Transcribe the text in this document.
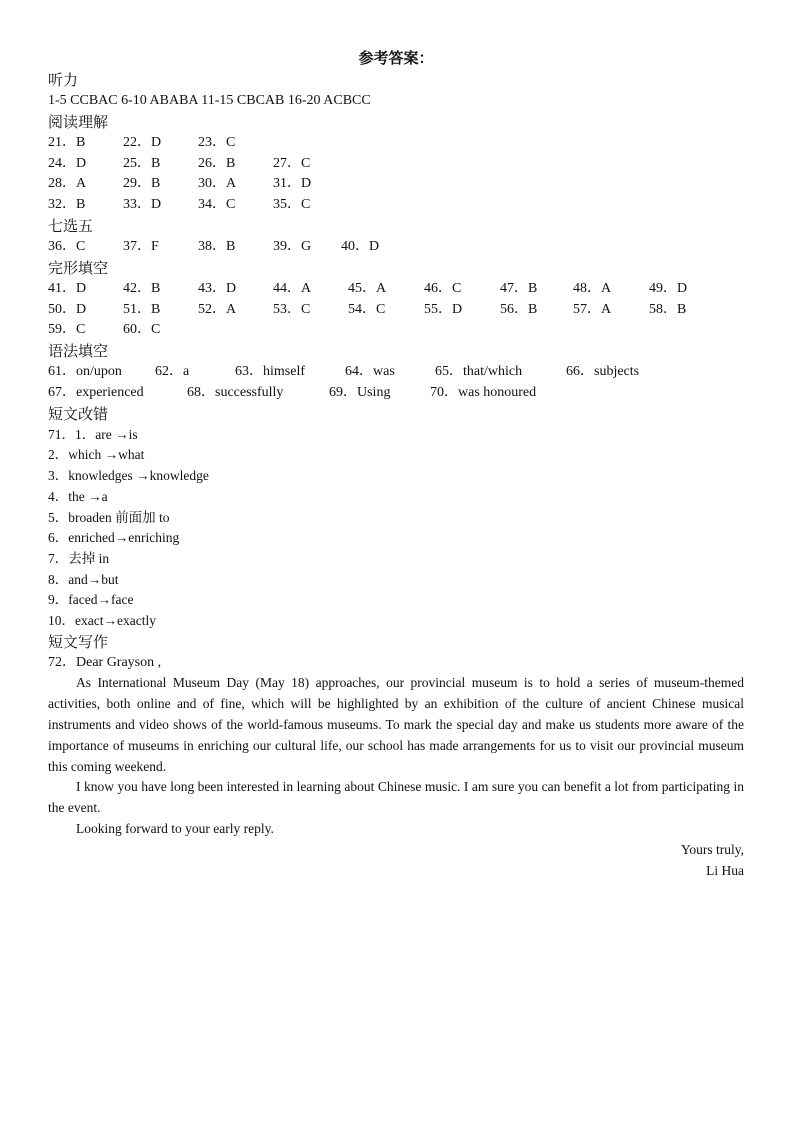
参考答案：
听力
1-5 CCBAC 6-10 ABABA 11-15 CBCAB 16-20 ACBCC
阅读理解
21．B	22．D	23．C
24．D	25．B	26．B	27．C
28．A	29．B	30．A	31．D
32．B	33．D	34．C	35．C
七选五
36．C	37．F	38．B	39．G 40．D
完形填空
41．D	42．B	43．D	44．A	45．A	46．C	47．B	48．A	49．D
50．D	51．B	52．A	53．C	54．C	55．D	56．B	57．A	58．B
59．C	60．C
语法填空
61．on/upon 62．a	63．himself	64．was	65．that/which	66．subjects
67．experienced	68．successfully	69．Using	70．was honoured
短文改错
71．1．are →is
2．which →what
3．knowledges →knowledge
4．the →a
5．broaden 前面加 to
6．enriched→enriching
7．去掉 in
8．and→but
9．faced→face
10．exact→exactly
短文写作
72．Dear Grayson ,
As International Museum Day (May 18) approaches, our provincial museum is to hold a series of museum-themed activities, both online and of fine, which will be highlighted by an exhibition of the culture of ancient Chinese musical instruments and video shows of the world-famous museums. To mark the special day and make us students more aware of the importance of museums in enriching our cultural life, our school has made arrangements for us to visit our provincial museum this coming weekend.
I know you have long been interested in learning about Chinese music. I am sure you can benefit a lot from participating in the event.
Looking forward to your early reply.
Yours truly,
Li Hua
